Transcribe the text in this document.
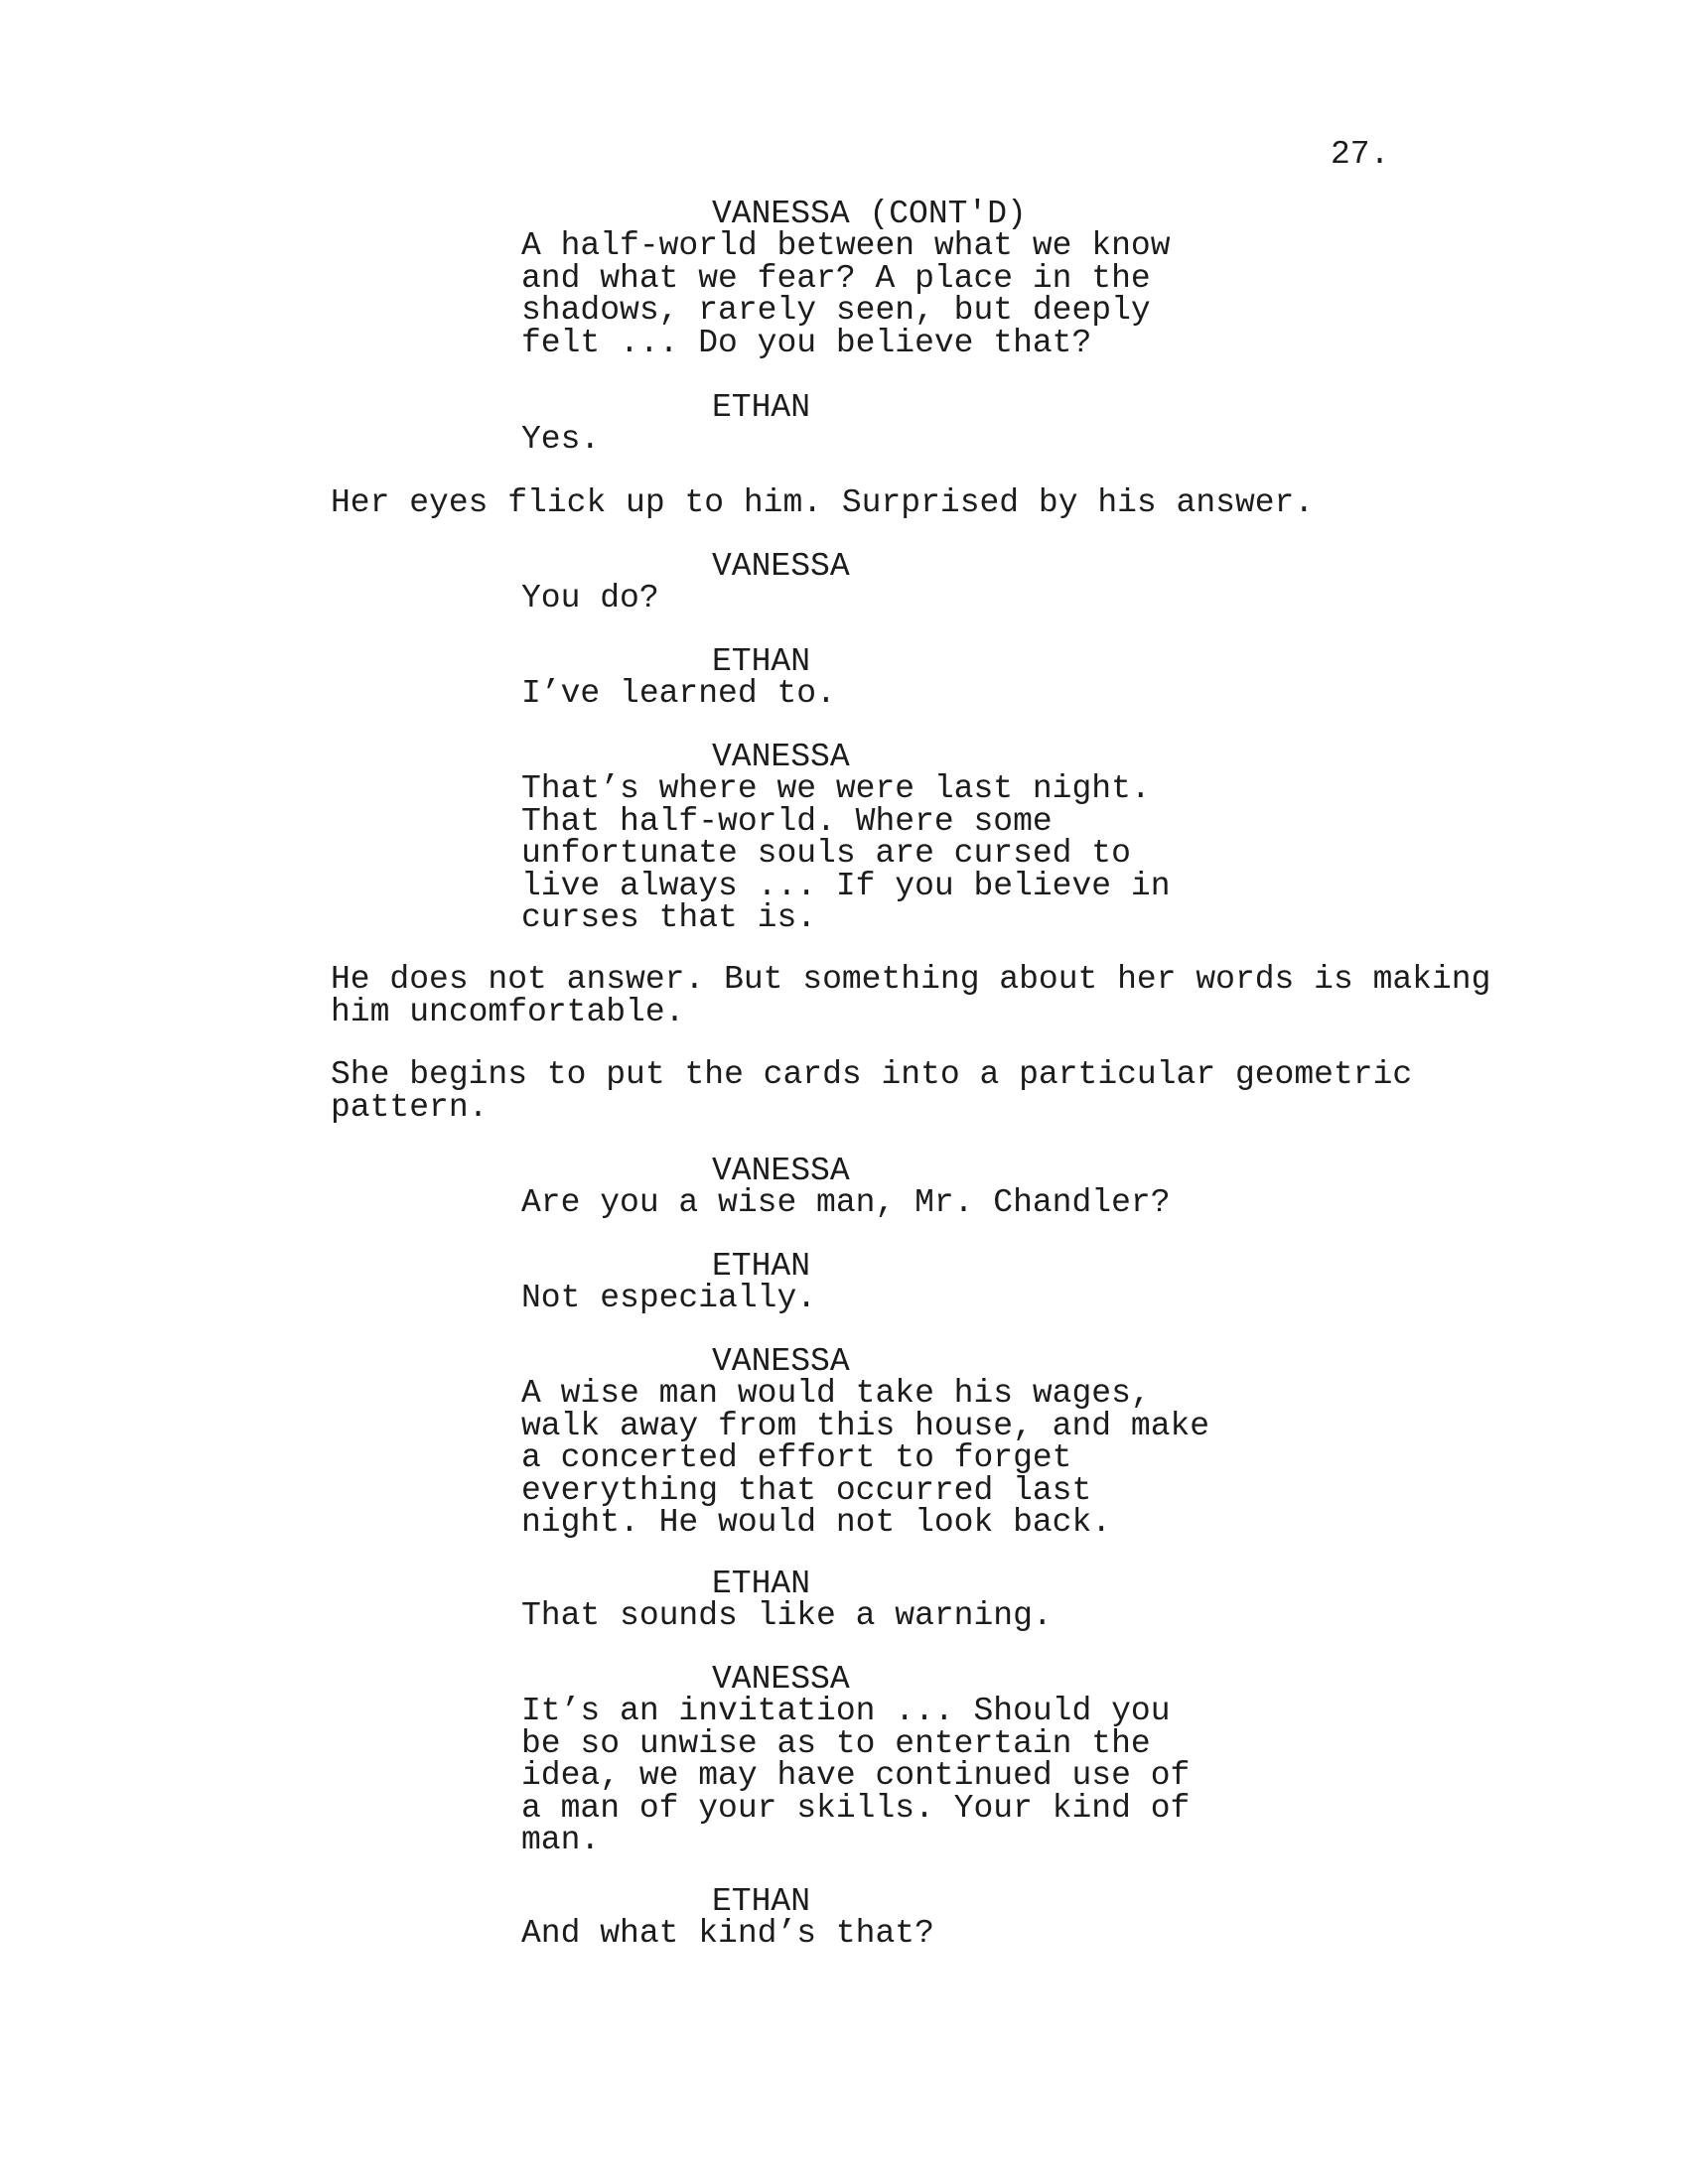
27.
VANESSA (CONT'D)
A half-world between what we know
and what we fear? A place in the
shadows, rarely seen, but deeply
felt ... Do you believe that?
ETHAN
Yes.
Her eyes flick up to him. Surprised by his answer.
VANESSA
You do?
ETHAN
I’ve learned to.
VANESSA
That’s where we were last night.
That half-world. Where some
unfortunate souls are cursed to
live always ... If you believe in
curses that is.
He does not answer. But something about her words is making
him uncomfortable.
She begins to put the cards into a particular geometric
pattern.
VANESSA
Are you a wise man, Mr. Chandler?
ETHAN
Not especially.
VANESSA
A wise man would take his wages,
walk away from this house, and make
a concerted effort to forget
everything that occurred last
night. He would not look back.
ETHAN
That sounds like a warning.
VANESSA
It’s an invitation ... Should you
be so unwise as to entertain the
idea, we may have continued use of
a man of your skills. Your kind of
man.
ETHAN
And what kind’s that?
